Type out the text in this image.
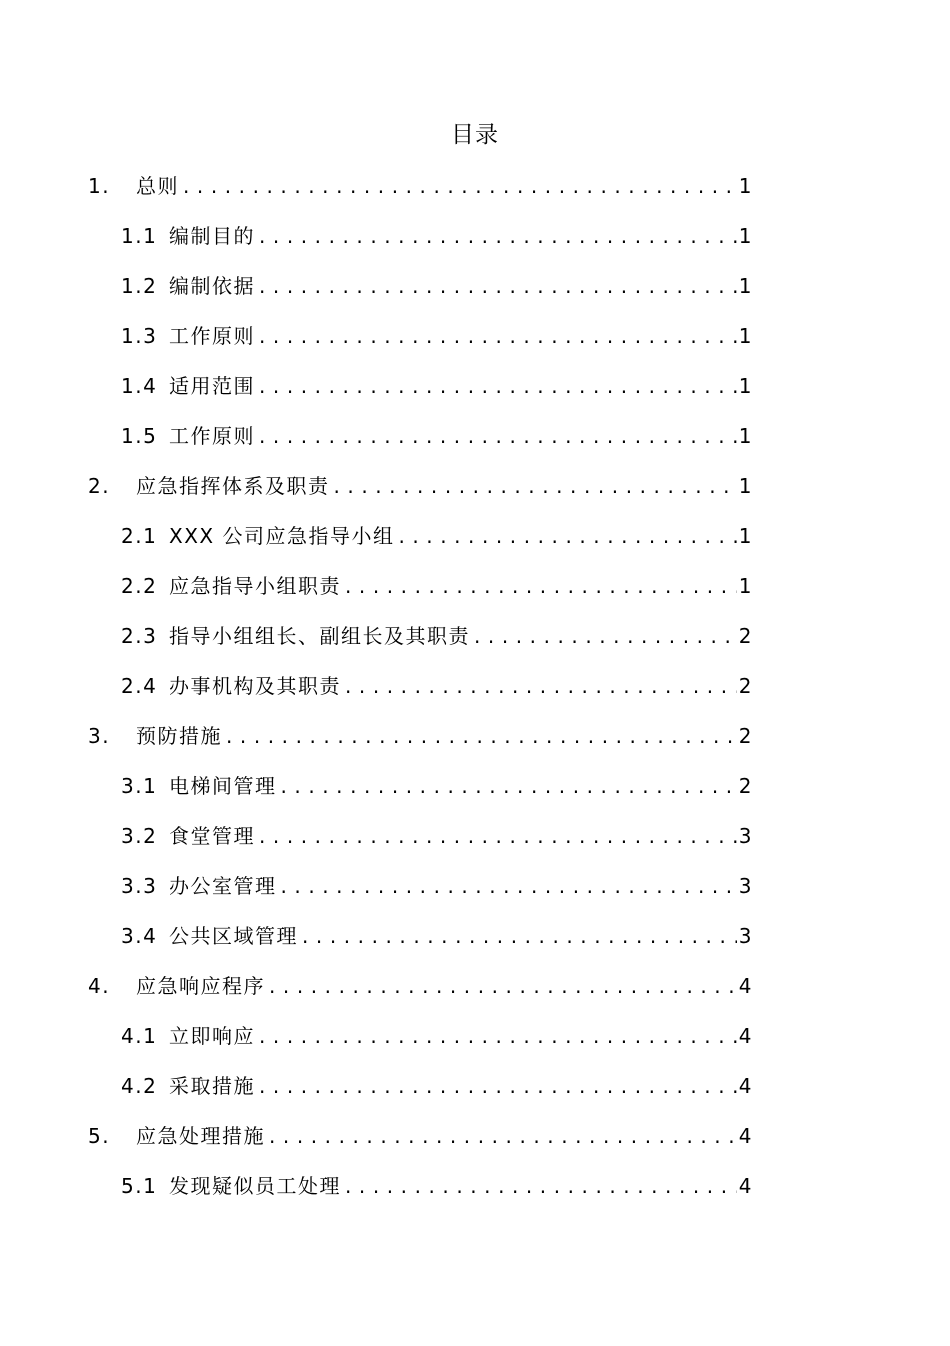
目录
1.	总则 . . .	1
1.1 编制目的 . . .	1
1.2 编制依据 . . .	1
1.3 工作原则 . . .	1
1.4 适用范围 . . .	1
1.5 工作原则 . . .	1
2.	应急指挥体系及职责 . . .	1
2.1 XXX 公司应急指导小组 . . .	1
2.2 应急指导小组职责 . . .	1
2.3 指导小组组长、副组长及其职责 . . .	2
2.4 办事机构及其职责 . . .	2
3.	预防措施 . . .	2
3.1 电梯间管理 . . .	2
3.2 食堂管理 . . .	3
3.3 办公室管理 . . .	3
3.4 公共区域管理 . . .	3
4.	应急响应程序 . . .	4
4.1 立即响应 . . .	4
4.2 采取措施 . . .	4
5.	应急处理措施 . . .	4
5.1 发现疑似员工处理 . . .	4
